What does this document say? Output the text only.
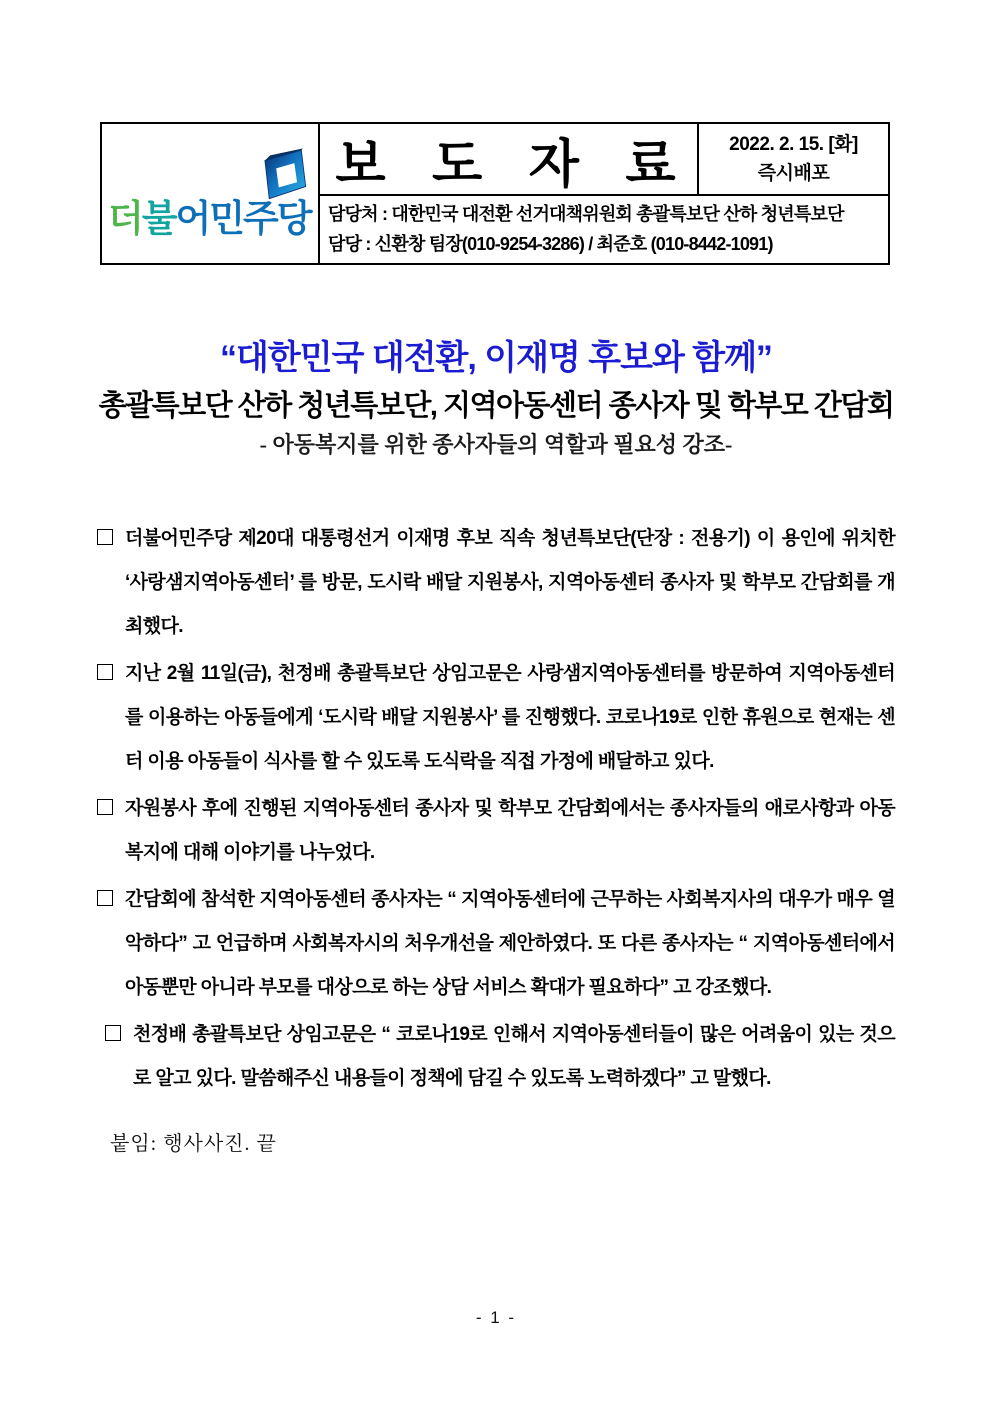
더불어민주당
보 도 자 료 2022. 2. 15. [화]
즉시배포
담당처 : 대한민국 대전환 선거대책위원회 총괄특보단 산하 청년특보단
담당 : 신환창 팀장(010-9254-3286) / 최준호 (010-8442-1091)
“대한민국 대전환, 이재명 후보와 함께”
총괄특보단 산하 청년특보단, 지역아동센터 종사자 및 학부모 간담회
- 아동복지를 위한 종사자들의 역할과 필요성 강조-
더불어민주당 제20대 대통령선거 이재명 후보 직속 청년특보단(단장 : 전용기) 이 용인에 위치한 ‘사랑샘지역아동센터’ 를 방문, 도시락 배달 지원봉사, 지역아동센터 종사자 및 학부모 간담회를 개최했다.
지난 2월 11일(금), 천정배 총괄특보단 상임고문은 사랑샘지역아동센터를 방문하여 지역아동센터를 이용하는 아동들에게 ‘도시락 배달 지원봉사’ 를 진행했다. 코로나19로 인한 휴원으로 현재는 센터 이용 아동들이 식사를 할 수 있도록 도식락을 직접 가정에 배달하고 있다.
자원봉사 후에 진행된 지역아동센터 종사자 및 학부모 간담회에서는 종사자들의 애로사항과 아동복지에 대해 이야기를 나누었다.
간담회에 참석한 지역아동센터 종사자는 “ 지역아동센터에 근무하는 사회복지사의 대우가 매우 열악하다” 고 언급하며 사회복자시의 처우개선을 제안하였다. 또 다른 종사자는 “ 지역아동센터에서 아동뿐만 아니라 부모를 대상으로 하는 상담 서비스 확대가 필요하다” 고 강조했다.
천정배 총괄특보단 상임고문은 “ 코로나19로 인해서 지역아동센터들이 많은 어려움이 있는 것으로 알고 있다. 말씀해주신 내용들이 정책에 담길 수 있도록 노력하겠다” 고 말했다.
붙임: 행사사진. 끝
- 1 -
